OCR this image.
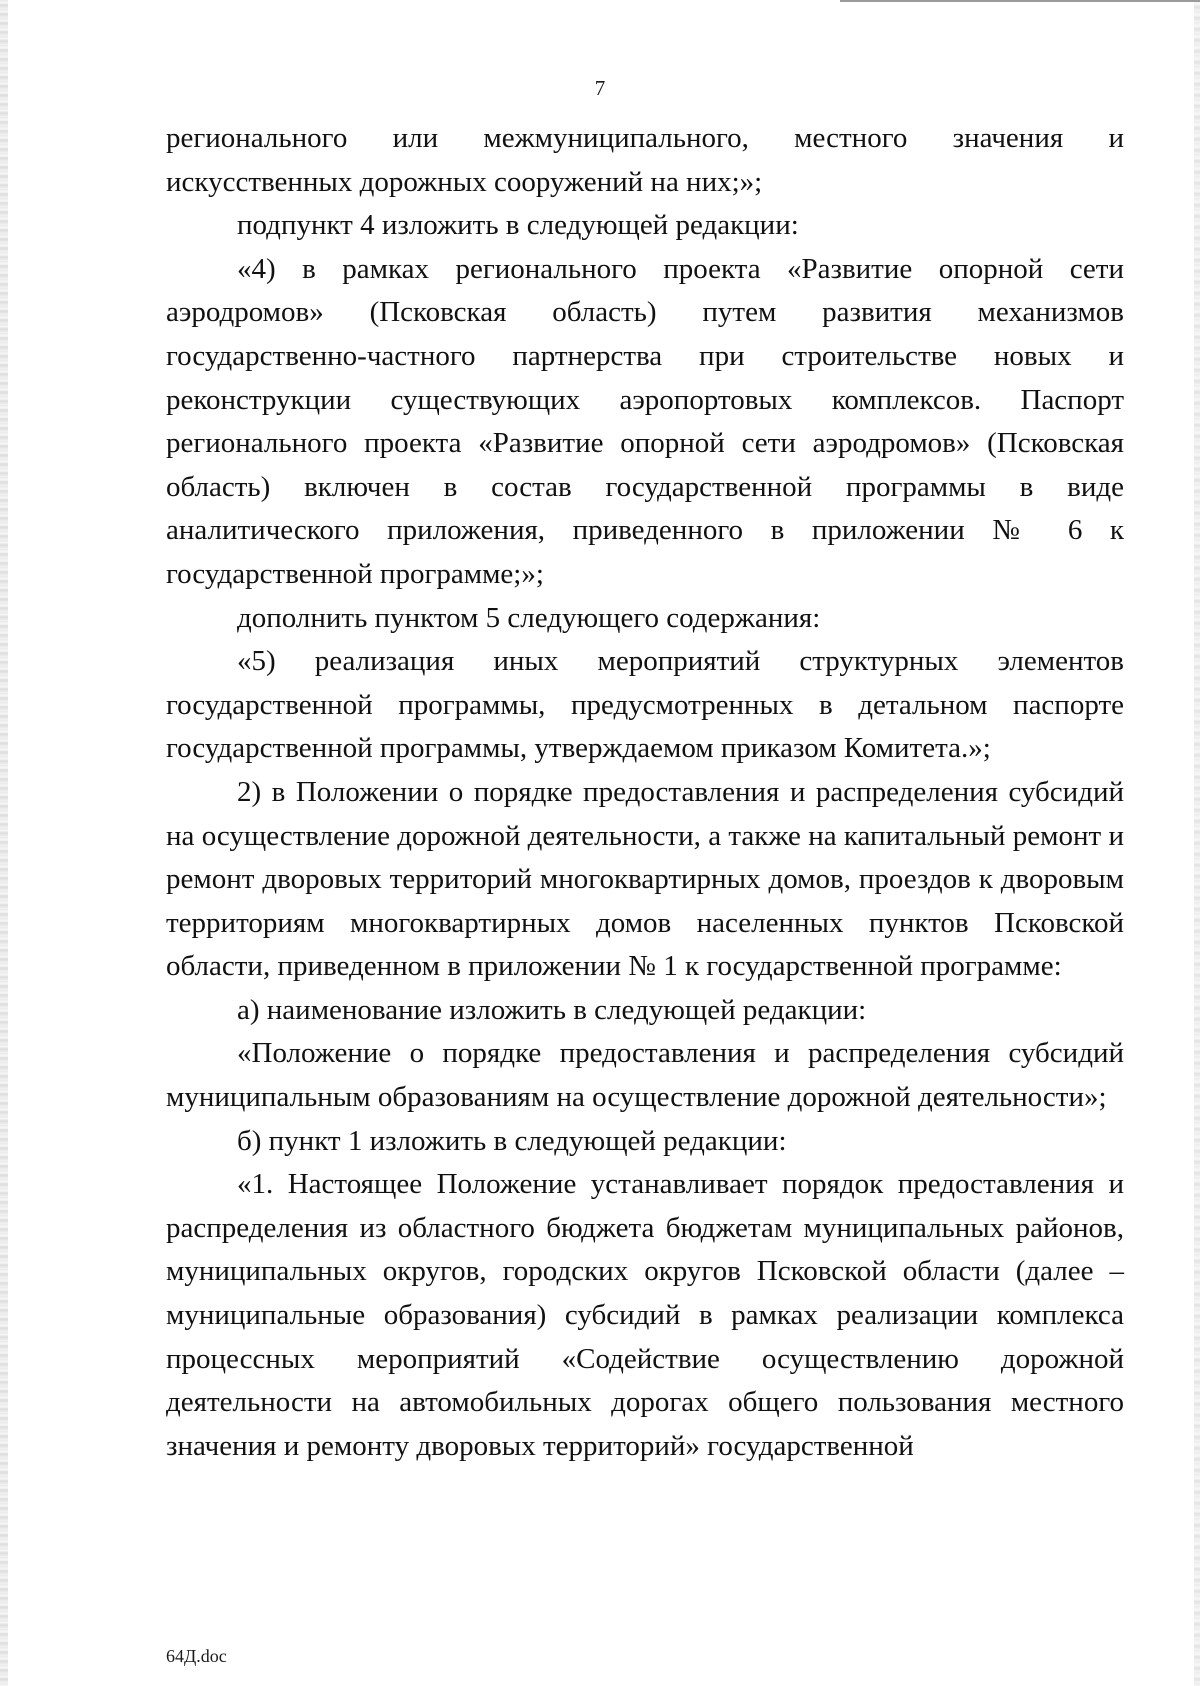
7

регионального или межмуниципального, местного значения и искусственных дорожных сооружений на них;»;

подпункт 4 изложить в следующей редакции:

«4) в рамках регионального проекта «Развитие опорной сети аэродромов» (Псковская область) путем развития механизмов государственно-частного партнерства при строительстве новых и реконструкции существующих аэропортовых комплексов. Паспорт регионального проекта «Развитие опорной сети аэродромов» (Псковская область) включен в состав государственной программы в виде аналитического приложения, приведенного в приложении № 6 к государственной программе;»;

дополнить пунктом 5 следующего содержания:

«5) реализация иных мероприятий структурных элементов государственной программы, предусмотренных в детальном паспорте государственной программы, утверждаемом приказом Комитета.»;

2) в Положении о порядке предоставления и распределения субсидий на осуществление дорожной деятельности, а также на капитальный ремонт и ремонт дворовых территорий многоквартирных домов, проездов к дворовым территориям многоквартирных домов населенных пунктов Псковской области, приведенном в приложении № 1 к государственной программе:

а) наименование изложить в следующей редакции:

«Положение о порядке предоставления и распределения субсидий муниципальным образованиям на осуществление дорожной деятельности»;

б) пункт 1 изложить в следующей редакции:

«1. Настоящее Положение устанавливает порядок предоставления и распределения из областного бюджета бюджетам муниципальных районов, муниципальных округов, городских округов Псковской области (далее – муниципальные образования) субсидий в рамках реализации комплекса процессных мероприятий «Содействие осуществлению дорожной деятельности на автомобильных дорогах общего пользования местного значения и ремонту дворовых территорий» государственной

64Д.doc
